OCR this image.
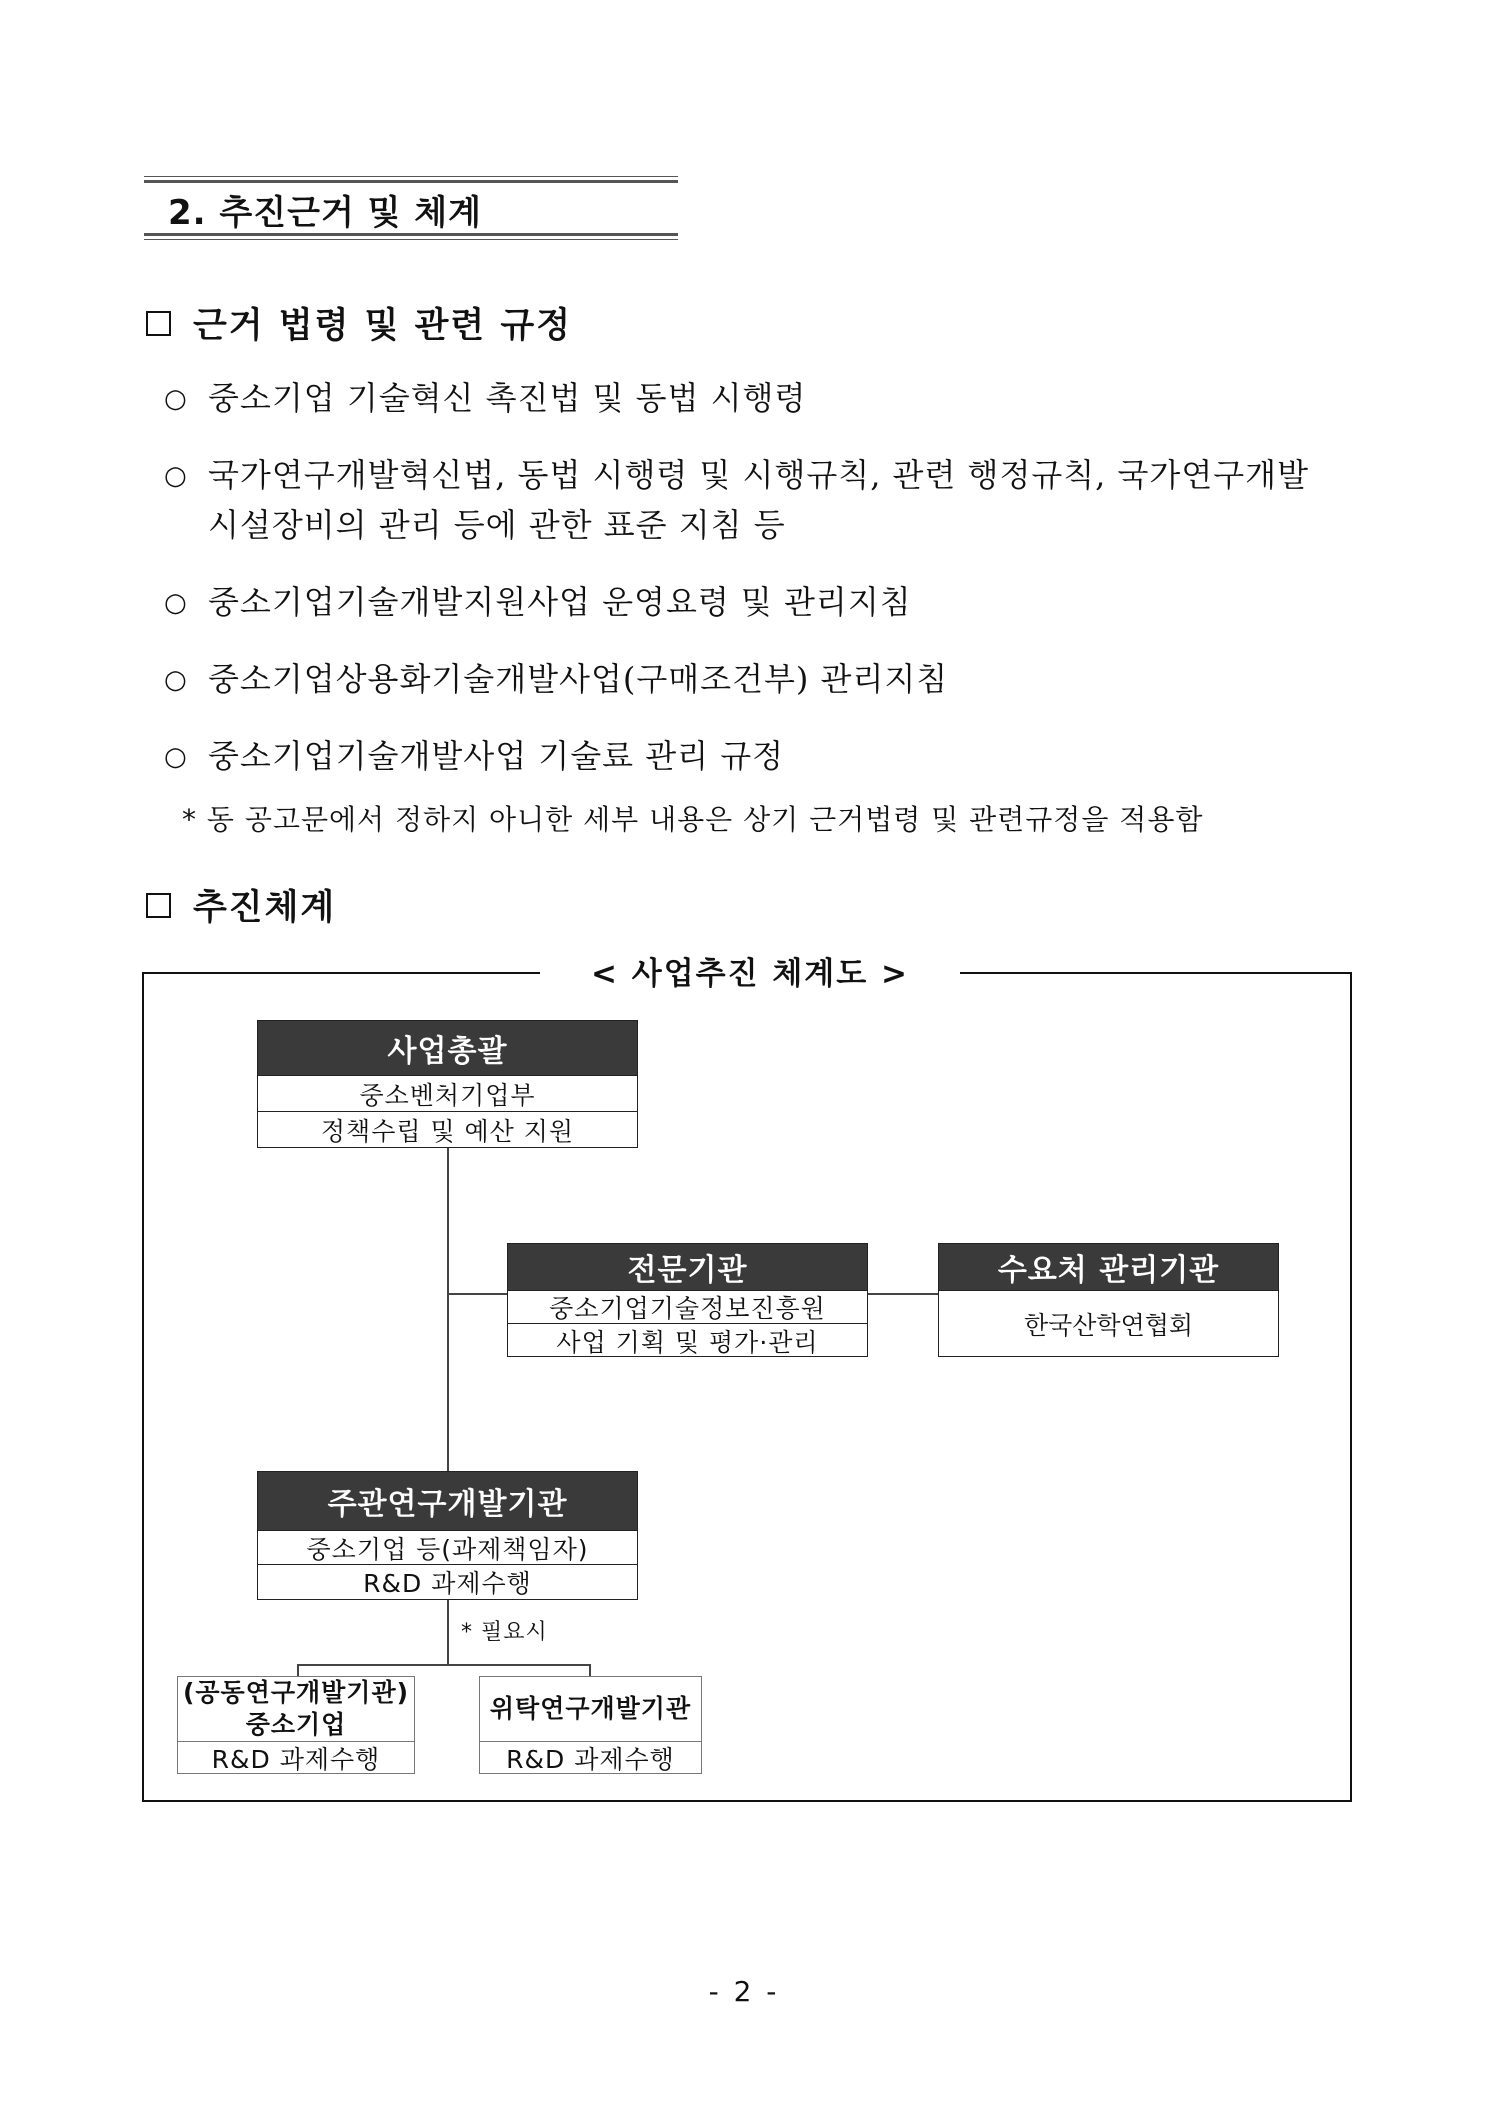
2. 추진근거 및 체계
근거 법령 및 관련 규정
○ 중소기업 기술혁신 촉진법 및 동법 시행령
○ 국가연구개발혁신법, 동법 시행령 및 시행규칙, 관련 행정규칙, 국가연구개발
시설장비의 관리 등에 관한 표준 지침 등
○ 중소기업기술개발지원사업 운영요령 및 관리지침
○ 중소기업상용화기술개발사업(구매조건부) 관리지침
○ 중소기업기술개발사업 기술료 관리 규정
* 동 공고문에서 정하지 아니한 세부 내용은 상기 근거법령 및 관련규정을 적용함
추진체계
< 사업추진 체계도 >
사업총괄
중소벤처기업부
정책수립 및 예산 지원
전문기관
중소기업기술정보진흥원
사업 기획 및 평가·관리
수요처 관리기관
한국산학연협회
주관연구개발기관
중소기업 등(과제책임자)
R&D 과제수행
* 필요시
(공동연구개발기관)
중소기업
R&D 과제수행
위탁연구개발기관
R&D 과제수행
- 2 -
